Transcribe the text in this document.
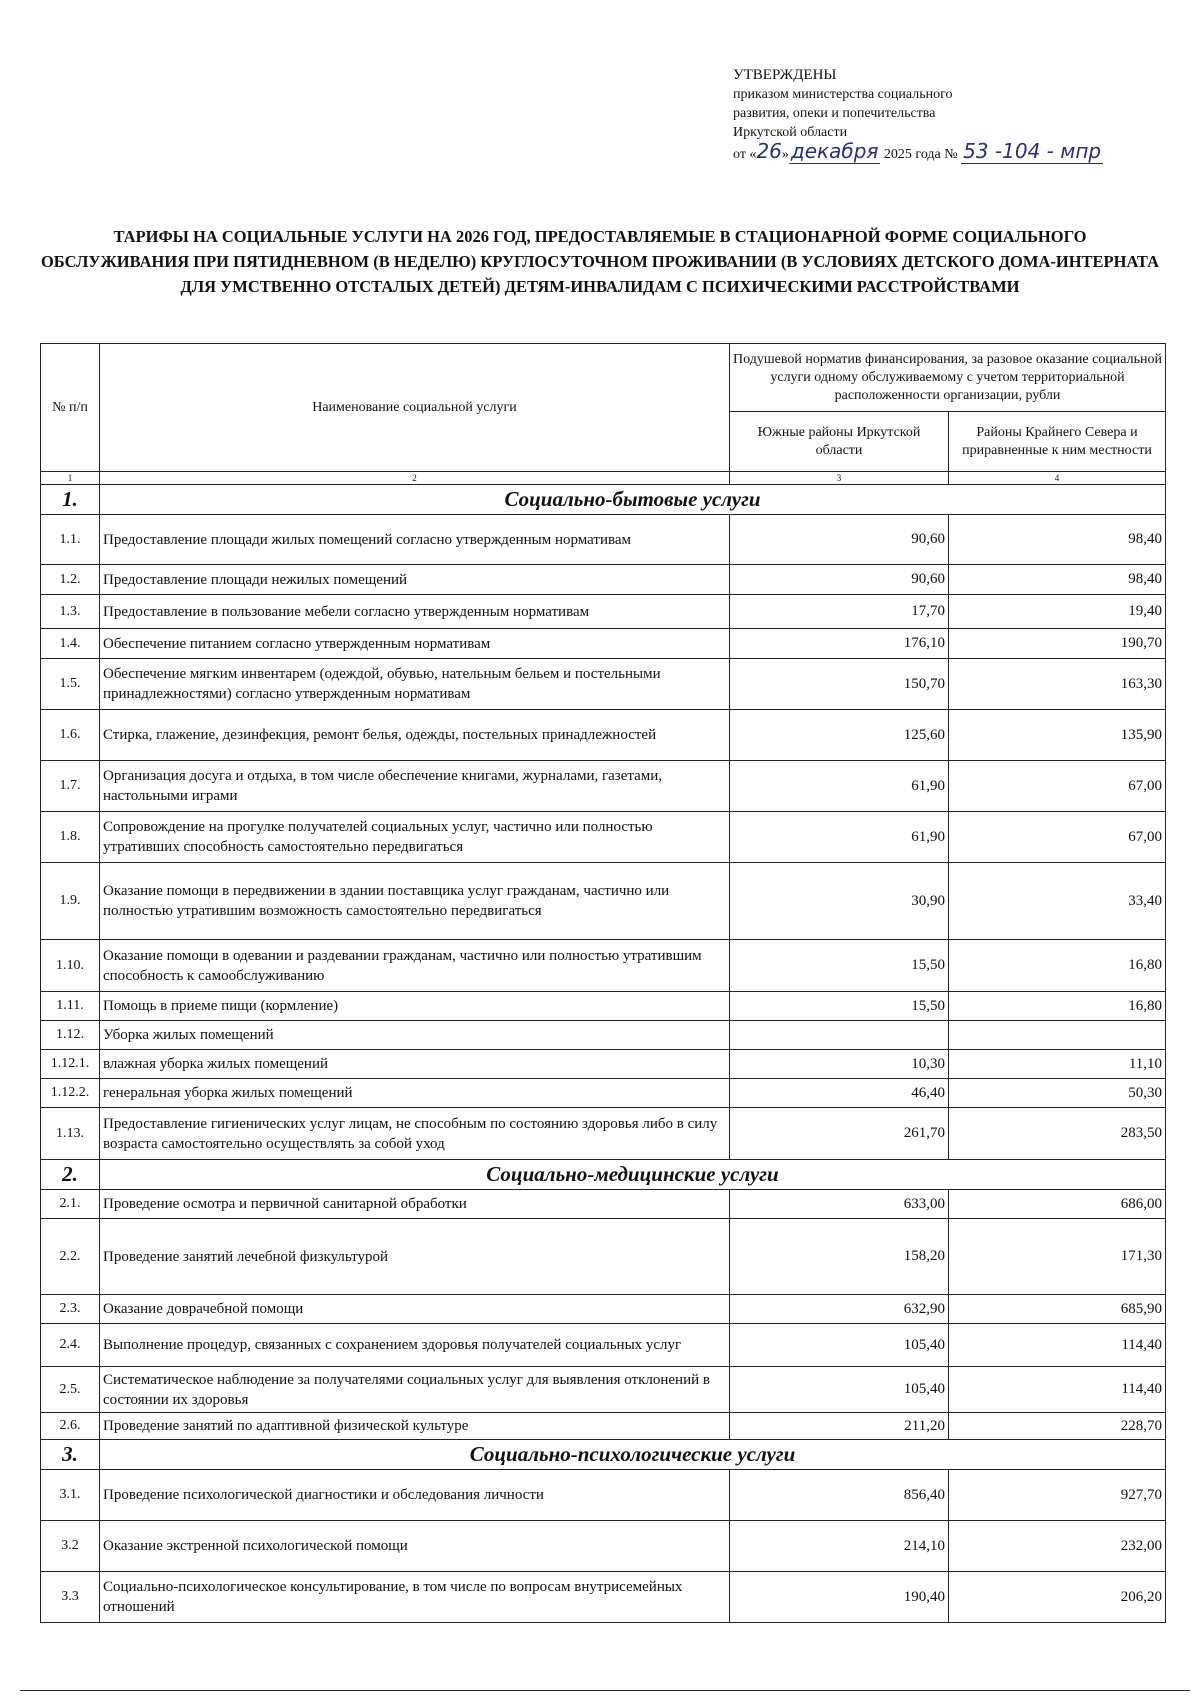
УТВЕРЖДЕНЫ
приказом министерства социального
развития, опеки и попечительства
Иркутской области
от «26» декабря 2025 года № 53 -104 - мпр
ТАРИФЫ НА СОЦИАЛЬНЫЕ УСЛУГИ НА 2026 ГОД, ПРЕДОСТАВЛЯЕМЫЕ В СТАЦИОНАРНОЙ ФОРМЕ СОЦИАЛЬНОГО ОБСЛУЖИВАНИЯ ПРИ ПЯТИДНЕВНОМ (В НЕДЕЛЮ) КРУГЛОСУТОЧНОМ ПРОЖИВАНИИ (В УСЛОВИЯХ ДЕТСКОГО ДОМА-ИНТЕРНАТА ДЛЯ УМСТВЕННО ОТСТАЛЫХ ДЕТЕЙ) ДЕТЯМ-ИНВАЛИДАМ С ПСИХИЧЕСКИМИ РАССТРОЙСТВАМИ
№ п/п	Наименование социальной услуги	Подушевой норматив финансирования, за разовое оказание социальной услуги одному обслуживаемому с учетом территориальной расположенности организации, рубли	
		Южные районы Иркутской области	Районы Крайнего Севера и приравненные к ним местности
1	2	3	4
1.	Социально-бытовые услуги		
1.1.	Предоставление площади жилых помещений согласно утвержденным нормативам	90,60	98,40
1.2.	Предоставление площади нежилых помещений	90,60	98,40
1.3.	Предоставление в пользование мебели согласно утвержденным нормативам	17,70	19,40
1.4.	Обеспечение питанием согласно утвержденным нормативам	176,10	190,70
1.5.	Обеспечение мягким инвентарем (одеждой, обувью, нательным бельем и постельными принадлежностями) согласно утвержденным нормативам	150,70	163,30
1.6.	Стирка, глажение, дезинфекция, ремонт белья, одежды, постельных принадлежностей	125,60	135,90
1.7.	Организация досуга и отдыха, в том числе обеспечение книгами, журналами, газетами, настольными играми	61,90	67,00
1.8.	Сопровождение на прогулке получателей социальных услуг, частично или полностью утративших способность самостоятельно передвигаться	61,90	67,00
1.9.	Оказание помощи в передвижении в здании поставщика услуг гражданам, частично или полностью утратившим возможность самостоятельно передвигаться	30,90	33,40
1.10.	Оказание помощи в одевании и раздевании гражданам, частично или полностью утратившим способность к самообслуживанию	15,50	16,80
1.11.	Помощь в приеме пищи (кормление)	15,50	16,80
1.12.	Уборка жилых помещений		
1.12.1.	влажная уборка жилых помещений	10,30	11,10
1.12.2.	генеральная уборка жилых помещений	46,40	50,30
1.13.	Предоставление гигиенических услуг лицам, не способным по состоянию здоровья либо в силу возраста самостоятельно осуществлять за собой уход	261,70	283,50
2.	Социально-медицинские услуги		
2.1.	Проведение осмотра и первичной санитарной обработки	633,00	686,00
2.2.	Проведение занятий лечебной физкультурой	158,20	171,30
2.3.	Оказание доврачебной помощи	632,90	685,90
2.4.	Выполнение процедур, связанных с сохранением здоровья получателей социальных услуг	105,40	114,40
2.5.	Систематическое наблюдение за получателями социальных услуг для выявления отклонений в состоянии их здоровья	105,40	114,40
2.6.	Проведение занятий по адаптивной физической культуре	211,20	228,70
3.	Социально-психологические услуги		
3.1.	Проведение психологической диагностики и обследования личности	856,40	927,70
3.2	Оказание экстренной психологической помощи	214,10	232,00
3.3	Социально-психологическое консультирование, в том числе по вопросам внутрисемейных отношений	190,40	206,20
